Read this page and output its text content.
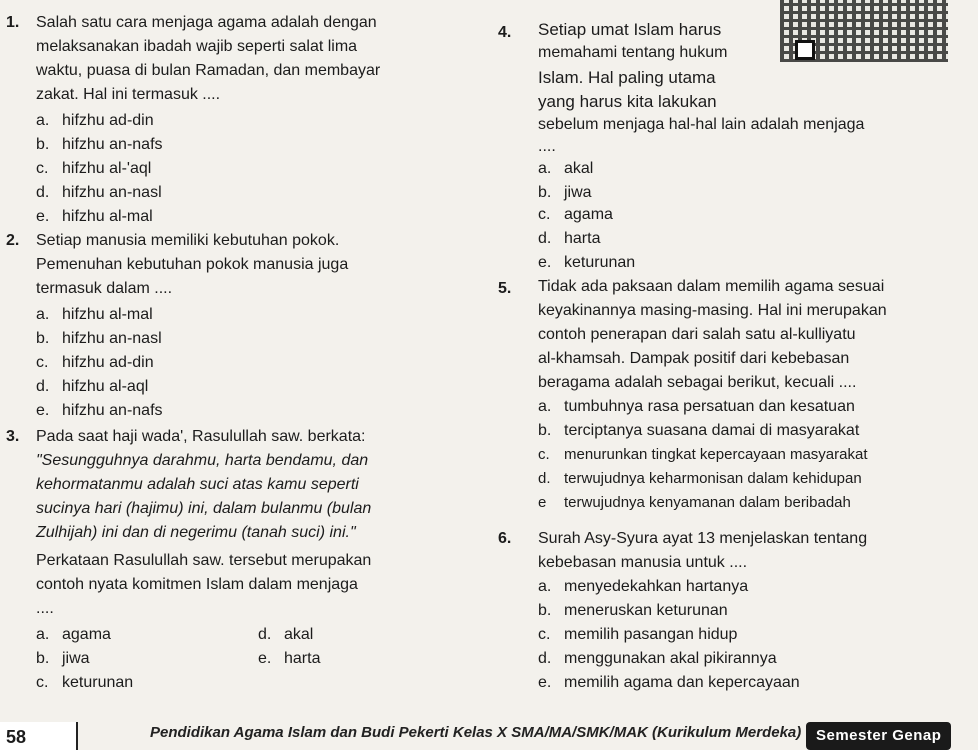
1. Salah satu cara menjaga agama adalah dengan
melaksanakan ibadah wajib seperti salat lima
waktu, puasa di bulan Ramadan, dan membayar
zakat. Hal ini termasuk ....
a. hifzhu ad-din
b. hifzhu an-nafs
c. hifzhu al-'aql
d. hifzhu an-nasl
e. hifzhu al-mal
2. Setiap manusia memiliki kebutuhan pokok.
Pemenuhan kebutuhan pokok manusia juga
termasuk dalam ....
a. hifzhu al-mal
b. hifzhu an-nasl
c. hifzhu ad-din
d. hifzhu al-aql
e. hifzhu an-nafs
3. Pada saat haji wada', Rasulullah saw. berkata:
"Sesungguhnya darahmu, harta bendamu, dan
kehormatanmu adalah suci atas kamu seperti
sucinya hari (hajimu) ini, dalam bulanmu (bulan
Zulhijah) ini dan di negerimu (tanah suci) ini."
Perkataan Rasulullah saw. tersebut merupakan
contoh nyata komitmen Islam dalam menjaga
....
a. agama
b. jiwa
c. keturunan
d. akal
e. harta
4. Setiap umat Islam harus
memahami tentang hukum
Islam. Hal paling utama
yang harus kita lakukan
sebelum menjaga hal-hal lain adalah menjaga
....
a. akal
b. jiwa
c. agama
d. harta
e. keturunan
5. Tidak ada paksaan dalam memilih agama sesuai
keyakinannya masing-masing. Hal ini merupakan
contoh penerapan dari salah satu al-kulliyatu
al-khamsah. Dampak positif dari kebebasan
beragama adalah sebagai berikut, kecuali ....
a. tumbuhnya rasa persatuan dan kesatuan
b. terciptanya suasana damai di masyarakat
c. menurunkan tingkat kepercayaan masyarakat
d. terwujudnya keharmonisan dalam kehidupan
e terwujudnya kenyamanan dalam beribadah
6. Surah Asy-Syura ayat 13 menjelaskan tentang
kebebasan manusia untuk ....
a. menyedekahkan hartanya
b. meneruskan keturunan
c. memilih pasangan hidup
d. menggunakan akal pikirannya
e. memilih agama dan kepercayaan
58	Pendidikan Agama Islam dan Budi Pekerti Kelas X SMA/MA/SMK/MAK (Kurikulum Merdeka) Semester Genap
